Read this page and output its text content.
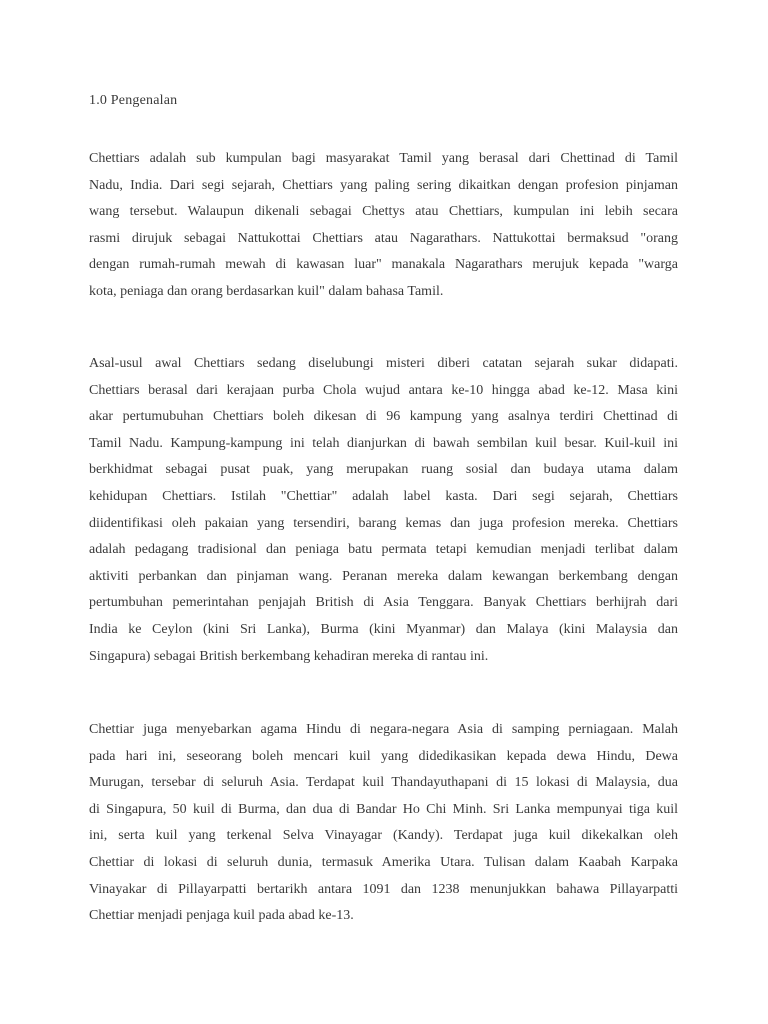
1.0 Pengenalan
Chettiars adalah sub kumpulan bagi masyarakat Tamil yang berasal dari Chettinad di Tamil
Nadu, India. Dari segi sejarah, Chettiars yang paling sering dikaitkan dengan profesion pinjaman
wang tersebut. Walaupun dikenali sebagai Chettys atau Chettiars, kumpulan ini lebih secara
rasmi dirujuk sebagai Nattukottai Chettiars atau Nagarathars. Nattukottai bermaksud "orang
dengan rumah-rumah mewah di kawasan luar" manakala Nagarathars merujuk kepada "warga
kota, peniaga dan orang berdasarkan kuil" dalam bahasa Tamil.
Asal-usul awal Chettiars sedang diselubungi misteri diberi catatan sejarah sukar didapati.
Chettiars berasal dari kerajaan purba Chola wujud antara ke-10 hingga abad ke-12. Masa kini
akar pertumubuhan Chettiars boleh dikesan di 96 kampung yang asalnya terdiri Chettinad di
Tamil Nadu. Kampung-kampung ini telah dianjurkan di bawah sembilan kuil besar. Kuil-kuil ini
berkhidmat sebagai pusat puak, yang merupakan ruang sosial dan budaya utama dalam
kehidupan Chettiars. Istilah "Chettiar" adalah label kasta. Dari segi sejarah, Chettiars
diidentifikasi oleh pakaian yang tersendiri, barang kemas dan juga profesion mereka. Chettiars
adalah pedagang tradisional dan peniaga batu permata tetapi kemudian menjadi terlibat dalam
aktiviti perbankan dan pinjaman wang. Peranan mereka dalam kewangan berkembang dengan
pertumbuhan pemerintahan penjajah British di Asia Tenggara. Banyak Chettiars berhijrah dari
India ke Ceylon (kini Sri Lanka), Burma (kini Myanmar) dan Malaya (kini Malaysia dan
Singapura) sebagai British berkembang kehadiran mereka di rantau ini.
Chettiar juga menyebarkan agama Hindu di negara-negara Asia di samping perniagaan. Malah
pada hari ini, seseorang boleh mencari kuil yang didedikasikan kepada dewa Hindu, Dewa
Murugan, tersebar di seluruh Asia. Terdapat kuil Thandayuthapani di 15 lokasi di Malaysia, dua
di Singapura, 50 kuil di Burma, dan dua di Bandar Ho Chi Minh. Sri Lanka mempunyai tiga kuil
ini, serta kuil yang terkenal Selva Vinayagar (Kandy). Terdapat juga kuil dikekalkan oleh
Chettiar di lokasi di seluruh dunia, termasuk Amerika Utara. Tulisan dalam Kaabah Karpaka
Vinayakar di Pillayarpatti bertarikh antara 1091 dan 1238 menunjukkan bahawa Pillayarpatti
Chettiar menjadi penjaga kuil pada abad ke-13.
